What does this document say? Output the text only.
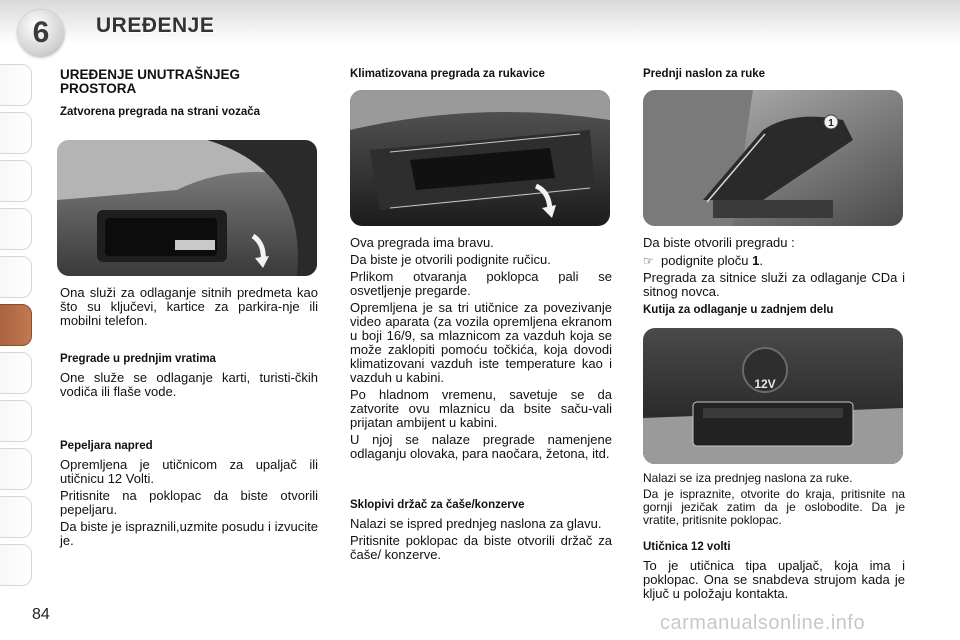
6	UREĐENJE
UREĐENJE UNUTRAŠNJEG PROSTORA
Zatvorena pregrada na strani vozača

Ona služi za odlaganje sitnih predmeta kao što su ključevi, kartice za parkira-nje ili mobilni telefon.

Pregrade u prednjim vratima

One služe se odlaganje karti, turisti-čkih vodiča ili flaše vode.

Pepeljara napred

Opremljena je utičnicom za upaljač ili utičnicu 12 Volti.

Pritisnite na poklopac da biste otvorili pepeljaru.

Da biste je ispraznili,uzmite posudu i izvucite je.

Klimatizovana pregrada za rukavice

Ova pregrada ima bravu.

Da biste je otvorili podignite ručicu.

Prlikom otvaranja poklopca pali se osvetljenje pregarde.

Opremljena je sa tri utičnice za povezivanje video aparata (za vozila opremljena ekranom u boji 16/9, sa mlaznicom za vazduh koja se može zaklopiti pomoću točkića, koja dovodi klimatizovani vazduh iste temperature kao i vazduh u kabini.

Po hladnom vremenu, savetuje se da zatvorite ovu mlaznicu da bsite saču-vali prijatan ambijent u kabini.

U njoj se nalaze pregrade namenjene odlaganju olovaka, para naočara, žetona, itd.

Sklopivi držač za čaše/konzerve

Nalazi se ispred prednjeg naslona za glavu.

Pritisnite poklopac da biste otvorili držač za čaše/ konzerve.

Prednji naslon za ruke
1

Da biste otvorili pregradu :

☞ podignite ploču 1.

Pregrada za sitnice služi za odlaganje CDa i sitnog novca.

Kutija za odlaganje u zadnjem delu
12V

Nalazi se iza prednjeg naslona za ruke.

Da je ispraznite, otvorite do kraja, pritisnite na gornji jezičak zatim da je oslobodite. Da je vratite, pritisnite poklopac.

Utičnica 12 volti

To je utičnica tipa upaljač, koja ima i poklopac. Ona se snabdeva strujom kada je ključ u položaju kontakta.

84	carmanualsonline.info
